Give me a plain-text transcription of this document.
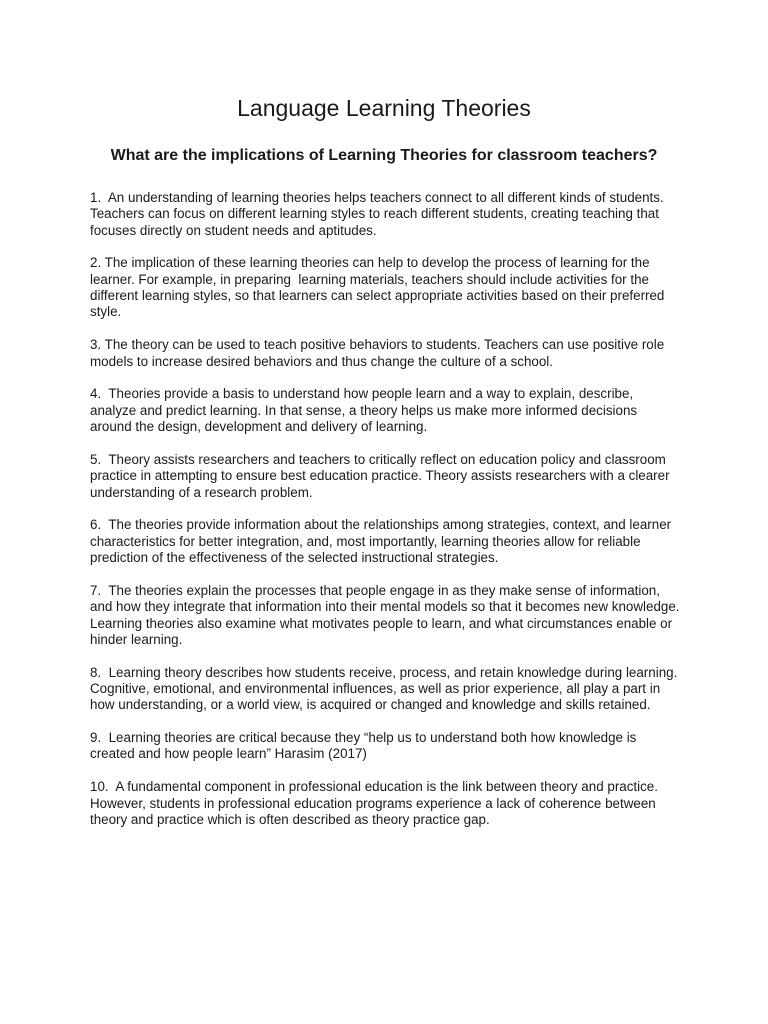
Language Learning Theories
What are the implications of Learning Theories for classroom teachers?

1.  An understanding of learning theories helps teachers connect to all different kinds of students. Teachers can focus on different learning styles to reach different students, creating teaching that focuses directly on student needs and aptitudes.

2. The implication of these learning theories can help to develop the process of learning for the learner. For example, in preparing  learning materials, teachers should include activities for the different learning styles, so that learners can select appropriate activities based on their preferred style.

3. The theory can be used to teach positive behaviors to students. Teachers can use positive role models to increase desired behaviors and thus change the culture of a school.

4.  Theories provide a basis to understand how people learn and a way to explain, describe, analyze and predict learning. In that sense, a theory helps us make more informed decisions around the design, development and delivery of learning.

5.  Theory assists researchers and teachers to critically reflect on education policy and classroom practice in attempting to ensure best education practice. Theory assists researchers with a clearer understanding of a research problem.

6.  The theories provide information about the relationships among strategies, context, and learner characteristics for better integration, and, most importantly, learning theories allow for reliable prediction of the effectiveness of the selected instructional strategies.

7.  The theories explain the processes that people engage in as they make sense of information, and how they integrate that information into their mental models so that it becomes new knowledge. Learning theories also examine what motivates people to learn, and what circumstances enable or hinder learning.

8.  Learning theory describes how students receive, process, and retain knowledge during learning. Cognitive, emotional, and environmental influences, as well as prior experience, all play a part in how understanding, or a world view, is acquired or changed and knowledge and skills retained.

9.  Learning theories are critical because they “help us to understand both how knowledge is created and how people learn” Harasim (2017)

10.  A fundamental component in professional education is the link between theory and practice. However, students in professional education programs experience a lack of coherence between theory and practice which is often described as theory practice gap.
